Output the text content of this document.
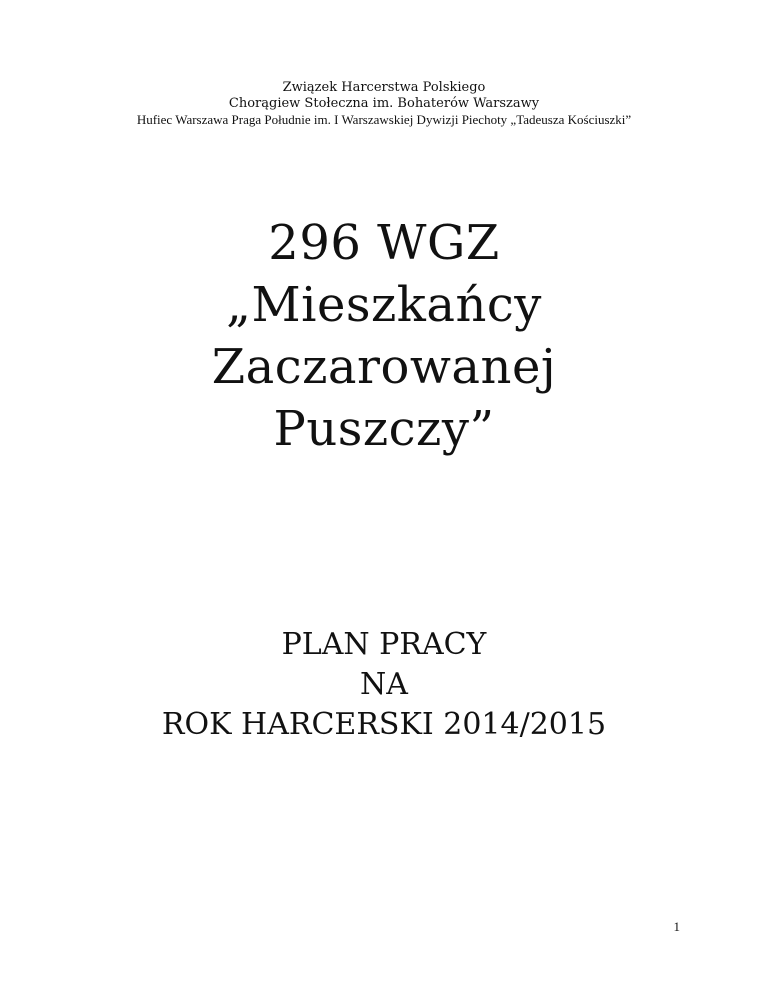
Związek Harcerstwa Polskiego
Chorągiew Stołeczna im. Bohaterów Warszawy
Hufiec Warszawa Praga Południe im. I Warszawskiej Dywizji Piechoty „Tadeusza Kościuszki”
296 WGZ
„Mieszkańcy
Zaczarowanej
Puszczy”
PLAN PRACY
NA
ROK HARCERSKI 2014/2015
1
